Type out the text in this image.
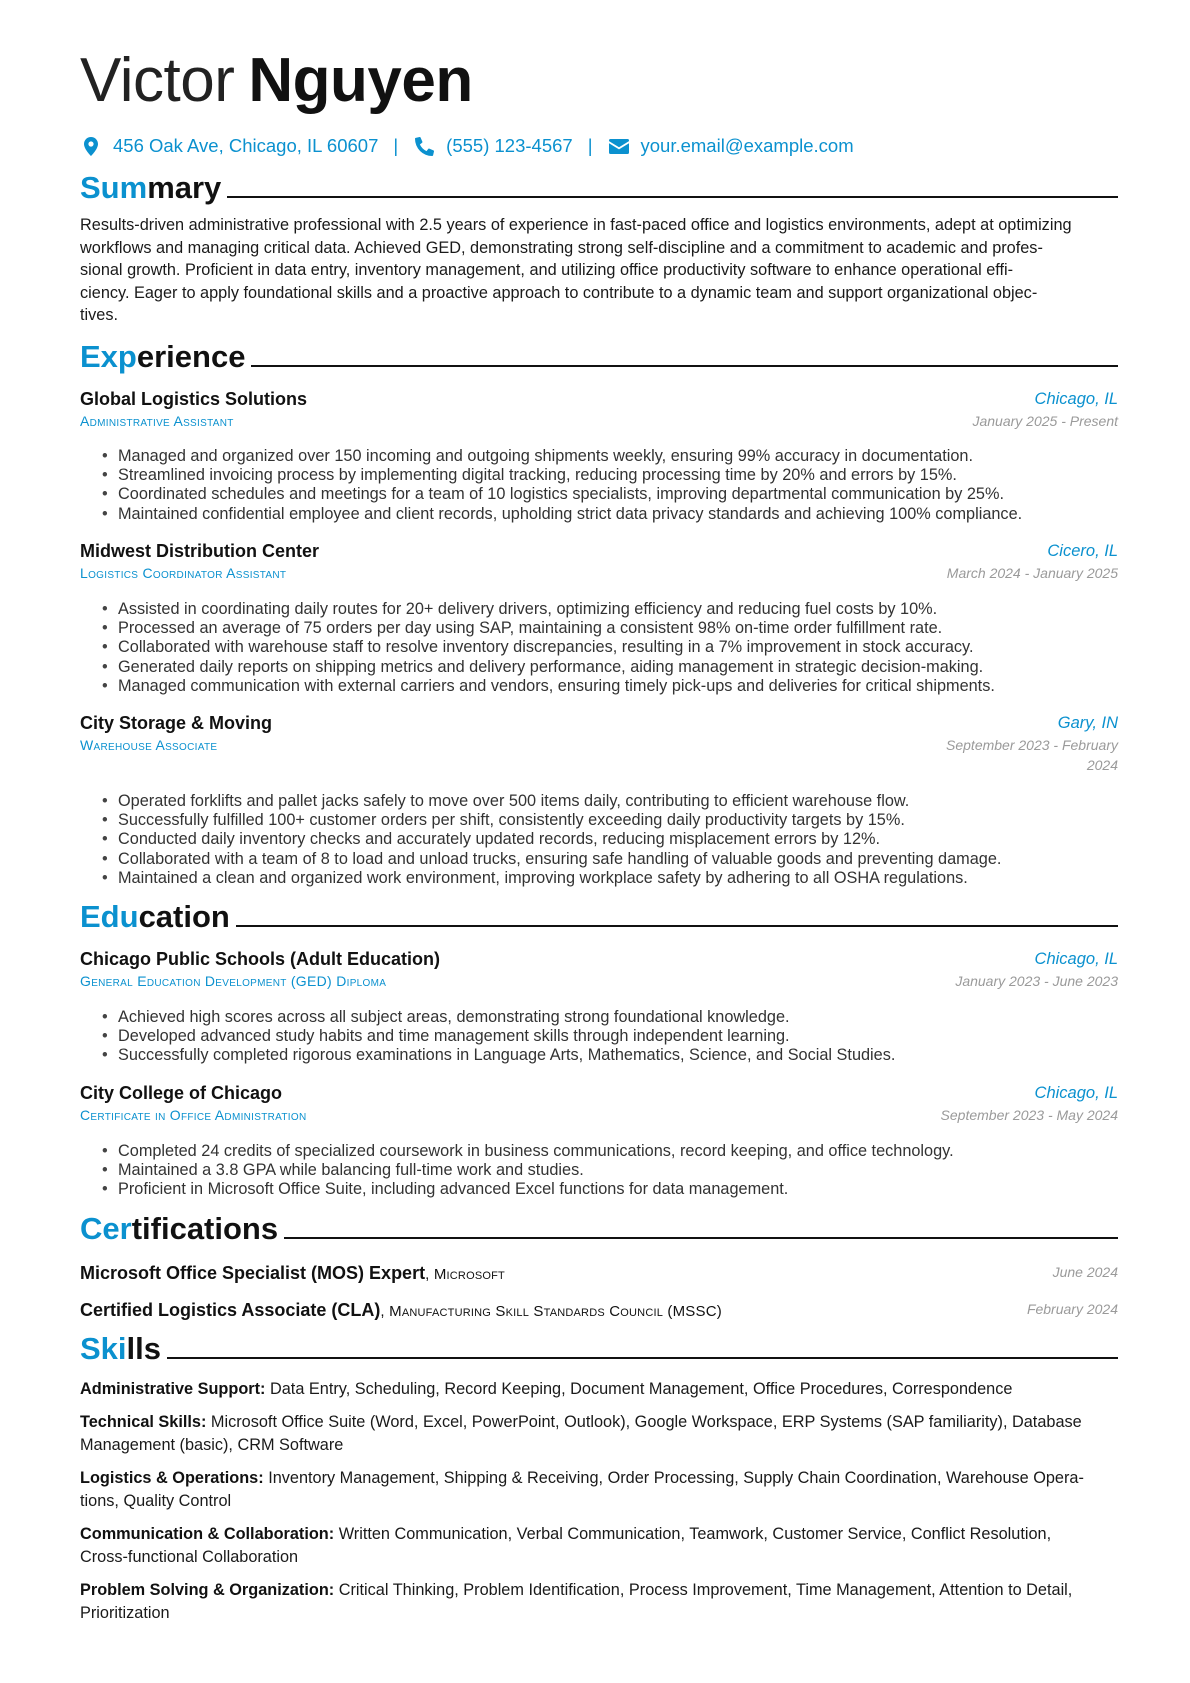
Victor Nguyen
456 Oak Ave, Chicago, IL 60607 |	(555) 123-4567 |	your.email@example.com
Summary
Results-driven administrative professional with 2.5 years of experience in fast-paced office and logistics environments, adept at optimizing
workflows and managing critical data. Achieved GED, demonstrating strong self-discipline and a commitment to academic and profes-
sional growth. Proficient in data entry, inventory management, and utilizing office productivity software to enhance operational effi-
ciency. Eager to apply foundational skills and a proactive approach to contribute to a dynamic team and support organizational objec-
tives.
Experience
Global Logistics Solutions	Chicago, IL
Administrative Assistant	January 2025 - Present
• Managed and organized over 150 incoming and outgoing shipments weekly, ensuring 99% accuracy in documentation.
• Streamlined invoicing process by implementing digital tracking, reducing processing time by 20% and errors by 15%.
• Coordinated schedules and meetings for a team of 10 logistics specialists, improving departmental communication by 25%.
• Maintained confidential employee and client records, upholding strict data privacy standards and achieving 100% compliance.
Midwest Distribution Center	Cicero, IL
Logistics Coordinator Assistant	March 2024 - January 2025
• Assisted in coordinating daily routes for 20+ delivery drivers, optimizing efficiency and reducing fuel costs by 10%.
• Processed an average of 75 orders per day using SAP, maintaining a consistent 98% on-time order fulfillment rate.
• Collaborated with warehouse staff to resolve inventory discrepancies, resulting in a 7% improvement in stock accuracy.
• Generated daily reports on shipping metrics and delivery performance, aiding management in strategic decision-making.
• Managed communication with external carriers and vendors, ensuring timely pick-ups and deliveries for critical shipments.
City Storage & Moving	Gary, IN
Warehouse Associate	September 2023 - February 2024
• Operated forklifts and pallet jacks safely to move over 500 items daily, contributing to efficient warehouse flow.
• Successfully fulfilled 100+ customer orders per shift, consistently exceeding daily productivity targets by 15%.
• Conducted daily inventory checks and accurately updated records, reducing misplacement errors by 12%.
• Collaborated with a team of 8 to load and unload trucks, ensuring safe handling of valuable goods and preventing damage.
• Maintained a clean and organized work environment, improving workplace safety by adhering to all OSHA regulations.
Education
Chicago Public Schools (Adult Education)	Chicago, IL
General Education Development (GED) Diploma	January 2023 - June 2023
• Achieved high scores across all subject areas, demonstrating strong foundational knowledge.
• Developed advanced study habits and time management skills through independent learning.
• Successfully completed rigorous examinations in Language Arts, Mathematics, Science, and Social Studies.
City College of Chicago	Chicago, IL
Certificate in Office Administration	September 2023 - May 2024
• Completed 24 credits of specialized coursework in business communications, record keeping, and office technology.
• Maintained a 3.8 GPA while balancing full-time work and studies.
• Proficient in Microsoft Office Suite, including advanced Excel functions for data management.
Certifications
Microsoft Office Specialist (MOS) Expert, Microsoft	June 2024
Certified Logistics Associate (CLA), Manufacturing Skill Standards Council (MSSC)	February 2024
Skills
Administrative Support: Data Entry, Scheduling, Record Keeping, Document Management, Office Procedures, Correspondence
Technical Skills: Microsoft Office Suite (Word, Excel, PowerPoint, Outlook), Google Workspace, ERP Systems (SAP familiarity), Database
Management (basic), CRM Software
Logistics & Operations: Inventory Management, Shipping & Receiving, Order Processing, Supply Chain Coordination, Warehouse Opera-
tions, Quality Control
Communication & Collaboration: Written Communication, Verbal Communication, Teamwork, Customer Service, Conflict Resolution,
Cross-functional Collaboration
Problem Solving & Organization: Critical Thinking, Problem Identification, Process Improvement, Time Management, Attention to Detail,
Prioritization
